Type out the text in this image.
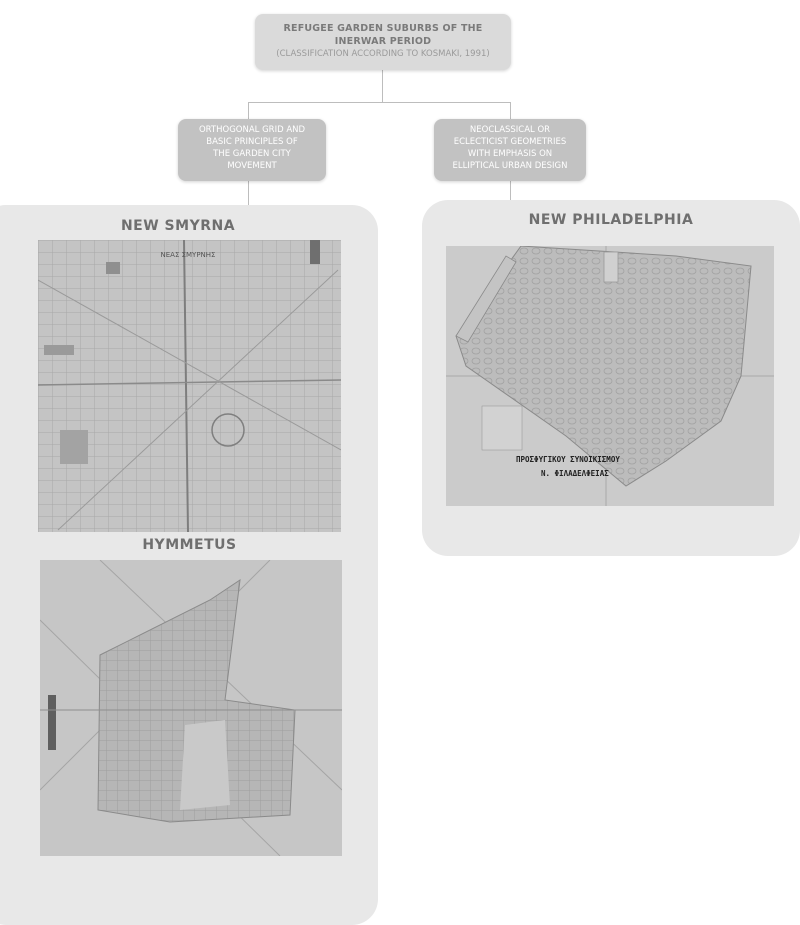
REFUGEE GARDEN SUBURBS OF THE
INERWAR PERIOD
(CLASSIFICATION ACCORDING TO KOSMAKI, 1991)
ORTHOGONAL GRID AND
BASIC PRINCIPLES OF
THE GARDEN CITY
MOVEMENT
NEOCLASSICAL OR
ECLECTICIST GEOMETRIES
WITH EMPHASIS ON
ELLIPTICAL URBAN DESIGN
NEW SMYRNA
ΝΕΑΣ ΣΜΥΡΝΗΣ
HYMMETUS
NEW PHILADELPHIA
ΠΡΟΣΦΥΓΙΚΟΥ ΣΥΝΟΙΚΙΣΜΟΥ
Ν. ΦΙΛΑΔΕΛΦΕΙΑΣ
